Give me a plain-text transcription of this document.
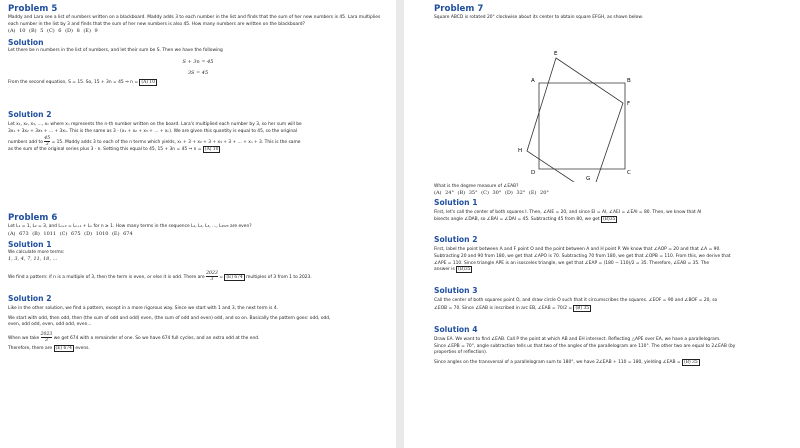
Problem 5

Maddy and Lara see a list of numbers written on a blackboard. Maddy adds 3 to each number in the list and finds that the sum of her new numbers is 45. Lara multiplies each number in the list by 3 and finds that the sum of her new numbers is also 45. How many numbers are written on the blackboard?

(A) 10 (B) 5 (C) 6 (D) 8 (E) 9

Solution

Let there be n numbers in the list of numbers, and let their sum be S. Then we have the following

S + 3n = 45

3S = 45

From the second equation, S = 15. So, 15 + 3n = 45 ⇒ n = (A) 10

Solution 2

Let x₁, x₂, x₃, ..., xₙ where xₙ represents the n-th number written on the board. Lara's multiplied each number by 3, so her sum will be

3x₁ + 3x₂ + 3x₃ + ... + 3xₙ. This is the same as 3 · (x₁ + x₂ + x₃ + ... + xₙ). We are given this quantity is equal to 45, so the original

numbers add to $\frac{45}{3} = 15$. Maddy adds 3 to each of the n terms which yields, x₁ + 3 + x₂ + 3 + x₃ + 3 + ... + xₙ + 3. This is the same

as the sum of the original series plus 3 · n. Setting this equal to 45, 15 + 3n = 45 ⇒ n = (A) 10

Problem 6

Let L₁ = 1, L₂ = 3, and Lₙ₊₂ = Lₙ₊₁ + Lₙ for n ≥ 1. How many terms in the sequence L₁, L₂, L₃, ..., L₂₀₂₃ are even?

(A) 673 (B) 1011 (C) 675 (D) 1010 (E) 674

Solution 1

We calculate more terms:

1, 3, 4, 7, 11, 18, ...

We find a pattern: if n is a multiple of 3, then the term is even, or else it is odd. There are $\frac{2023}{3} = (E)$ 674 multiples of 3 from 1 to 2023.

Solution 2

Like in the other solution, we find a pattern, except in a more rigorous way. Since we start with 1 and 3, the next term is 4.

We start with odd, then odd, then (the sum of odd and odd) even, (the sum of odd and even) odd, and so on. Basically the pattern goes: odd, odd,

even, odd odd, even, odd odd, even...

When we take $\frac{2023}{3}$ we get 674 with a remainder of one. So we have 674 full cycles, and an extra odd at the end.

Therefore, there are (E) 674 evens.

Problem 7

Square ABCD is rotated 20° clockwise about its center to obtain square EFGH, as shown below.

A	B
C
D
E
F
G
H

What is the degree measure of ∠EAB?

(A) 24° (B) 35° (C) 30° (D) 32° (E) 20°

Solution 1

First, let's call the center of both squares I. Then, ∠AIE = 20, and since EI = AI, ∠AEI = ∠EAI = 80. Then, we know that AI

bisects angle ∠DAB, so ∠BAI = ∠DAI = 45. Subtracting 45 from 80, we get (B)35

Solution 2

First, label the point between A and F point O and the point between A and H point P. We know that ∠AOP = 20 and that ∠A = 90.

Subtracting 20 and 90 from 180, we get that ∠APO is 70. Subtracting 70 from 180, we get that ∠OPB = 110. From this, we derive that

∠APE = 110. Since triangle APE is an isosceles triangle, we get that ∠EAP = (180 − 110)/2 = 35. Therefore, ∠EAB = 35. The

answer is (B)35

Solution 3

Call the center of both squares point O, and draw circle O such that it circumscribes the squares. ∠EOF = 90 and ∠BOF = 20, so

∠EOB = 70. Since ∠EAB is inscribed in arc EB, ∠EAB = 70/2 = (B) 35

Solution 4

Draw EA. We want to find ∠EAB. Call P the point at which AB and EH intersect. Reflecting △APE over EA, we have a parallelogram.

Since ∠EPB = 70°, angle subtraction tells us that two of the angles of the parallelogram are 110°. The other two are equal to 2∠EAB (by

properties of reflection).

Since angles on the transversal of a parallelogram sum to 180°, we have 2∠EAB + 110 = 180, yielding ∠EAB = (B) 35
